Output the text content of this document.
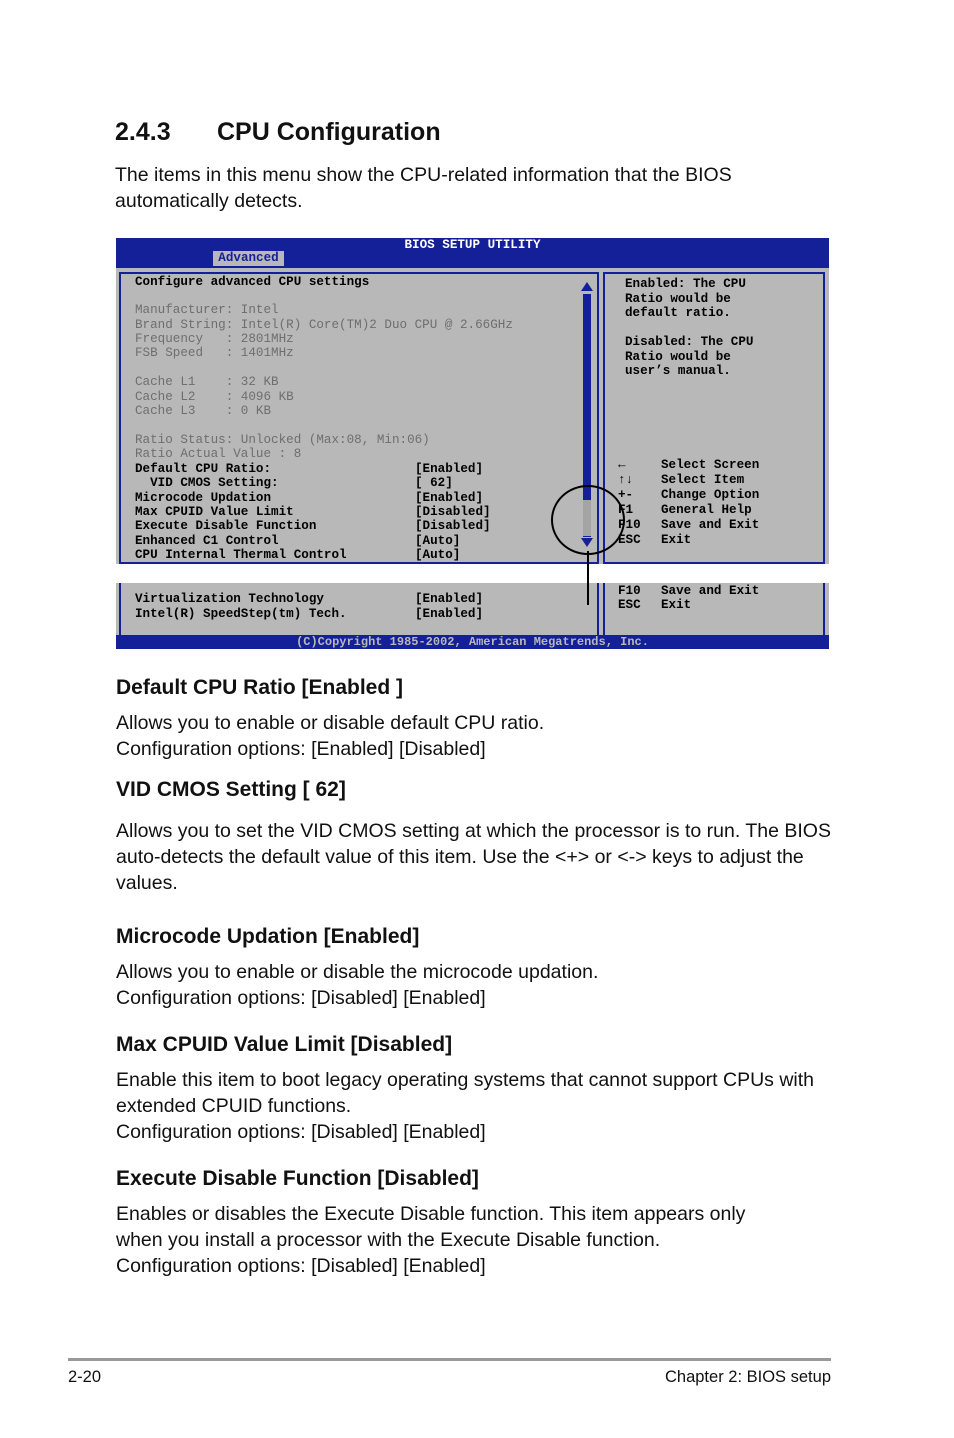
2.4.3 CPU Configuration

The items in this menu show the CPU-related information that the BIOS

automatically detects.

BIOS SETUP UTILITY
Advanced
Configure advanced CPU settings
Manufacturer: Intel
Brand String: Intel(R) Core(TM)2 Duo CPU @ 2.66GHz
Frequency   : 2801MHz
FSB Speed   : 1401MHz
Cache L1    : 32 KB
Cache L2    : 4096 KB
Cache L3    : 0 KB
Ratio Status: Unlocked (Max:08, Min:06)
Ratio Actual Value : 8
Default CPU Ratio:	[Enabled]
VID CMOS Setting:	[ 62]
Microcode Updation	[Enabled]
Max CPUID Value Limit	[Disabled]
Execute Disable Function	[Disabled]
Enhanced C1 Control	[Auto]
CPU Internal Thermal Control	[Auto]
Virtualization Technology	[Enabled]
Intel(R) SpeedStep(tm) Tech.	[Enabled]
Enabled: The CPU
Ratio would be
default ratio.
Disabled: The CPU
Ratio would be
user’s manual.
←	Select Screen
↑↓ Select Item
+- Change Option
F1 General Help
F10 Save and Exit
ESC Exit
F10 Save and Exit
ESC Exit
(C)Copyright 1985-2002, American Megatrends, Inc.
Default CPU Ratio [Enabled ]

Allows you to enable or disable default CPU ratio.

Configuration options: [Enabled] [Disabled]

VID CMOS Setting [ 62]

Allows you to set the VID CMOS setting at which the processor is to run. The BIOS

auto-detects the default value of this item. Use the <+> or <-> keys to adjust the

values.

Microcode Updation [Enabled]

Allows you to enable or disable the microcode updation.

Configuration options: [Disabled] [Enabled]

Max CPUID Value Limit [Disabled]

Enable this item to boot legacy operating systems that cannot support CPUs with

extended CPUID functions.

Configuration options: [Disabled] [Enabled]

Execute Disable Function [Disabled]

Enables or disables the Execute Disable function. This item appears only

when you install a processor with the Execute Disable function.

Configuration options: [Disabled] [Enabled]

2-20	Chapter 2: BIOS setup
